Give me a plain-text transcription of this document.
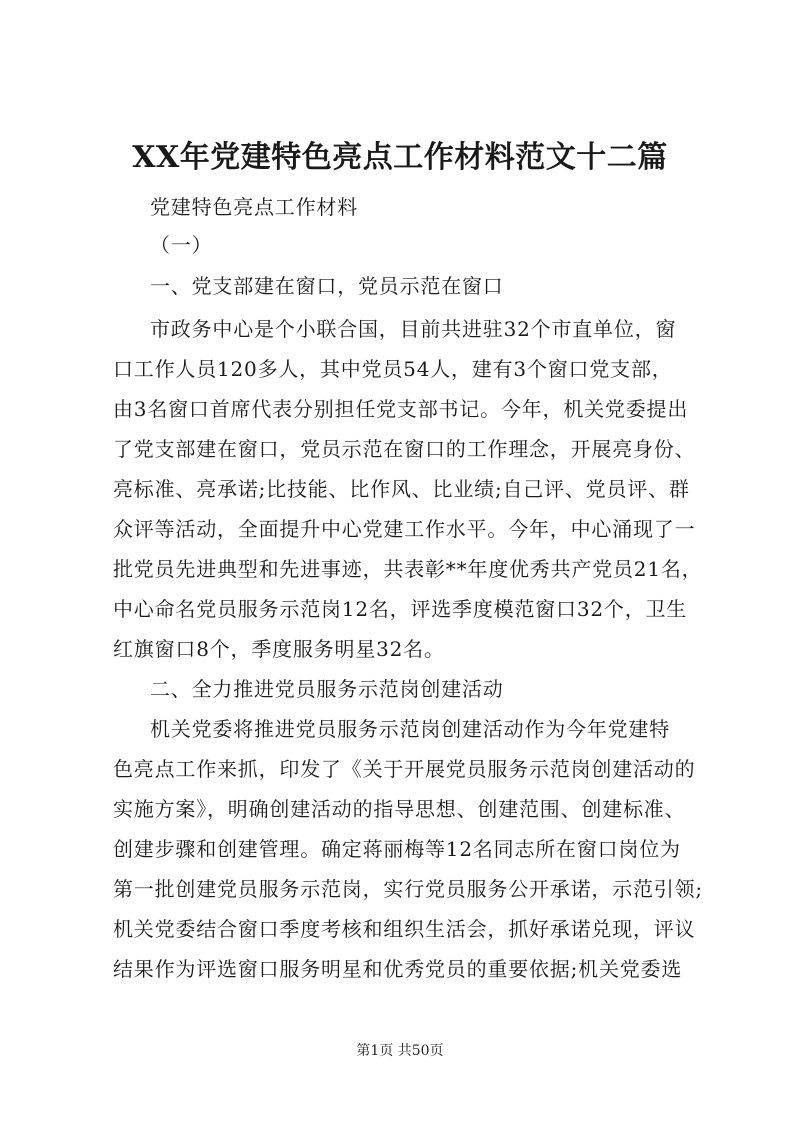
XX年党建特色亮点工作材料范文十二篇

党建特色亮点工作材料

（一）

一、党支部建在窗口，党员示范在窗口

市政务中心是个小联合国，目前共进驻32个市直单位，窗

口工作人员120多人，其中党员54人，建有3个窗口党支部，

由3名窗口首席代表分别担任党支部书记。今年，机关党委提出

了党支部建在窗口，党员示范在窗口的工作理念，开展亮身份、

亮标准、亮承诺;比技能、比作风、比业绩;自己评、党员评、群

众评等活动，全面提升中心党建工作水平。今年，中心涌现了一

批党员先进典型和先进事迹，共表彰**年度优秀共产党员21名，

中心命名党员服务示范岗12名，评选季度模范窗口32个，卫生

红旗窗口8个，季度服务明星32名。

二、全力推进党员服务示范岗创建活动

机关党委将推进党员服务示范岗创建活动作为今年党建特

色亮点工作来抓，印发了《关于开展党员服务示范岗创建活动的

实施方案》，明确创建活动的指导思想、创建范围、创建标准、

创建步骤和创建管理。确定蒋丽梅等12名同志所在窗口岗位为

第一批创建党员服务示范岗，实行党员服务公开承诺，示范引领;

机关党委结合窗口季度考核和组织生活会，抓好承诺兑现，评议

结果作为评选窗口服务明星和优秀党员的重要依据;机关党委选

第1页 共50页
